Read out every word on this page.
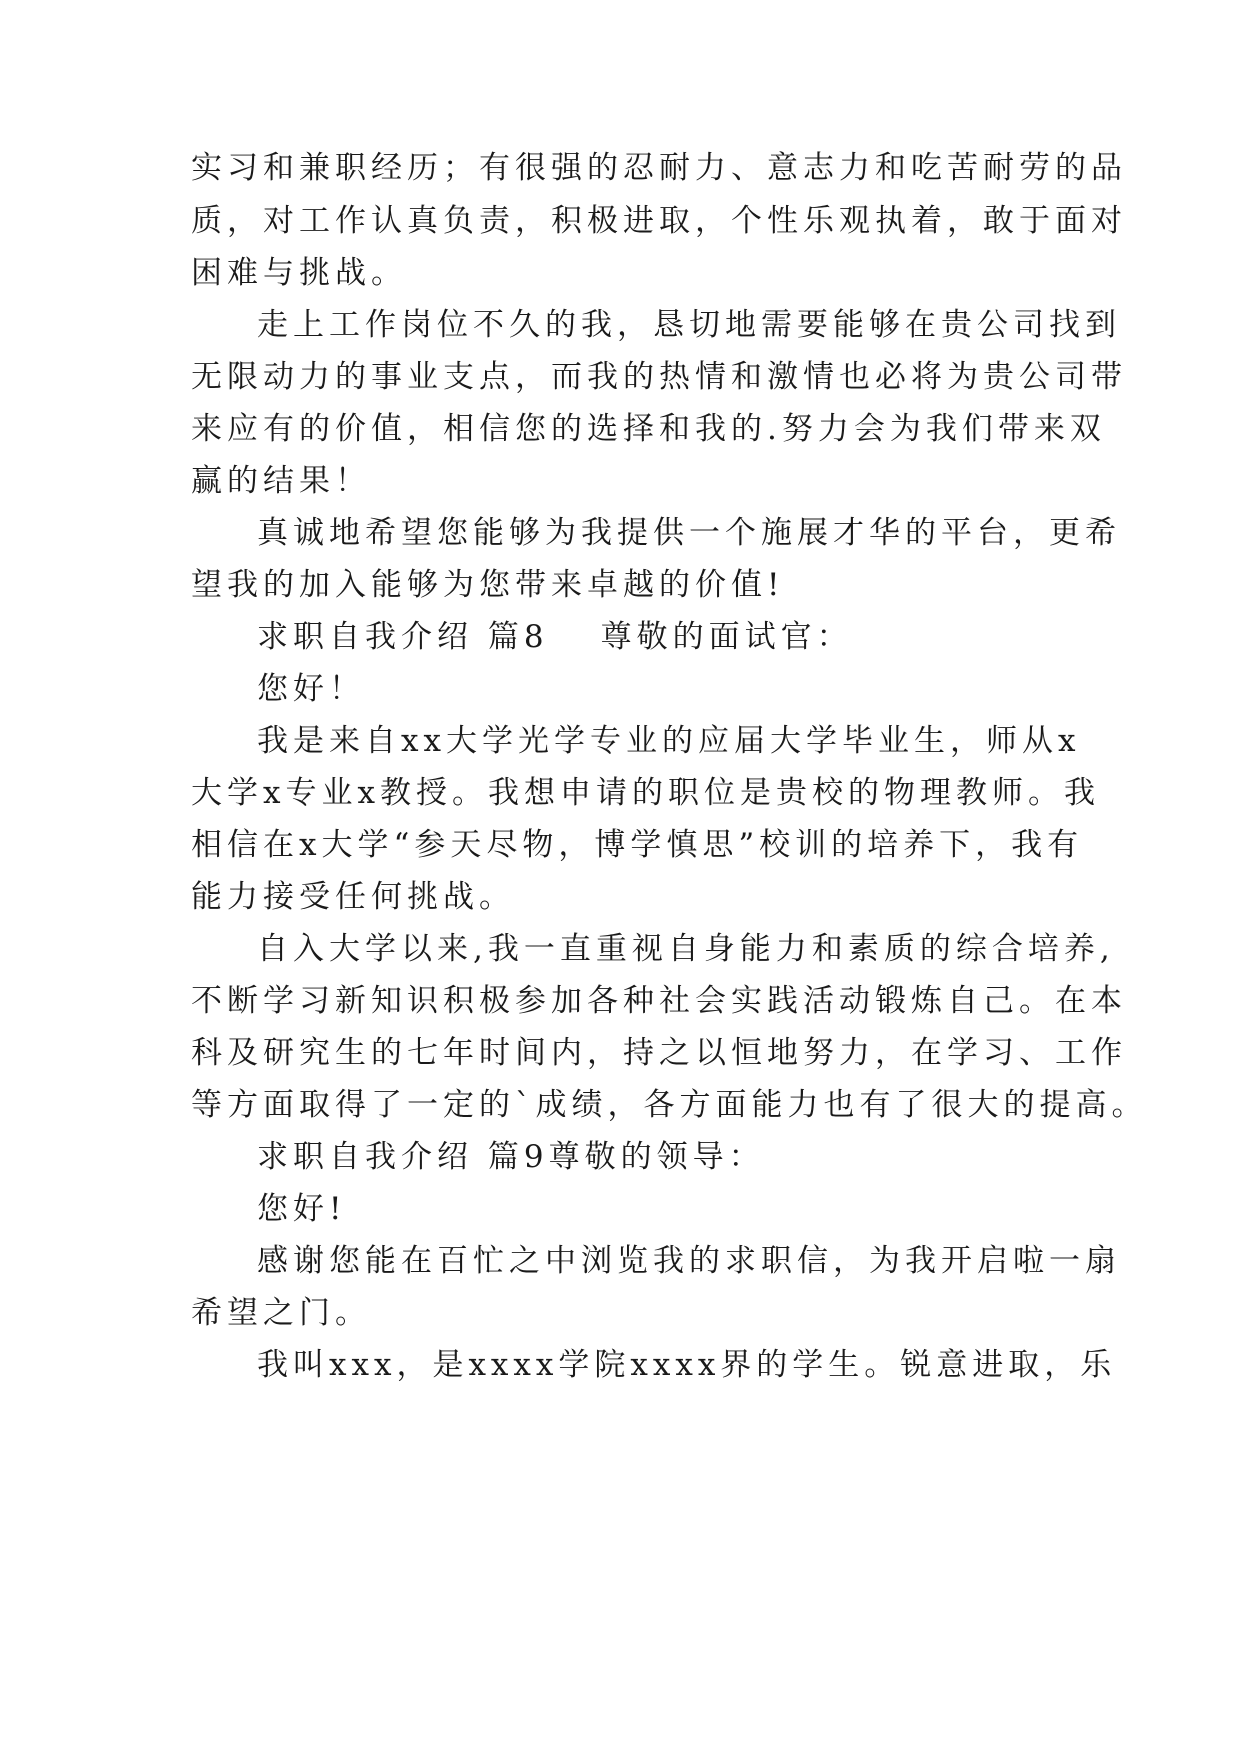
实习和兼职经历；有很强的忍耐力、意志力和吃苦耐劳的品
质，对工作认真负责，积极进取，个性乐观执着，敢于面对
困难与挑战。
走上工作岗位不久的我，恳切地需要能够在贵公司找到
无限动力的事业支点，而我的热情和激情也必将为贵公司带
来应有的价值，相信您的选择和我的.努力会为我们带来双
赢的结果！
真诚地希望您能够为我提供一个施展才华的平台，更希
望我的加入能够为您带来卓越的价值!
求职自我介绍 篇8 尊敬的面试官：
您好！
我是来自xx大学光学专业的应届大学毕业生，师从x
大学x专业x教授。我想申请的职位是贵校的物理教师。我
相信在x大学“参天尽物，博学慎思”校训的培养下，我有
能力接受任何挑战。
自入大学以来,我一直重视自身能力和素质的综合培养,
不断学习新知识积极参加各种社会实践活动锻炼自己。在本
科及研究生的七年时间内，持之以恒地努力，在学习、工作
等方面取得了一定的`成绩，各方面能力也有了很大的提高。
求职自我介绍 篇9尊敬的领导：
您好!
感谢您能在百忙之中浏览我的求职信，为我开启啦一扇
希望之门。
我叫xxx，是xxxx学院xxxx界的学生。锐意进取，乐
